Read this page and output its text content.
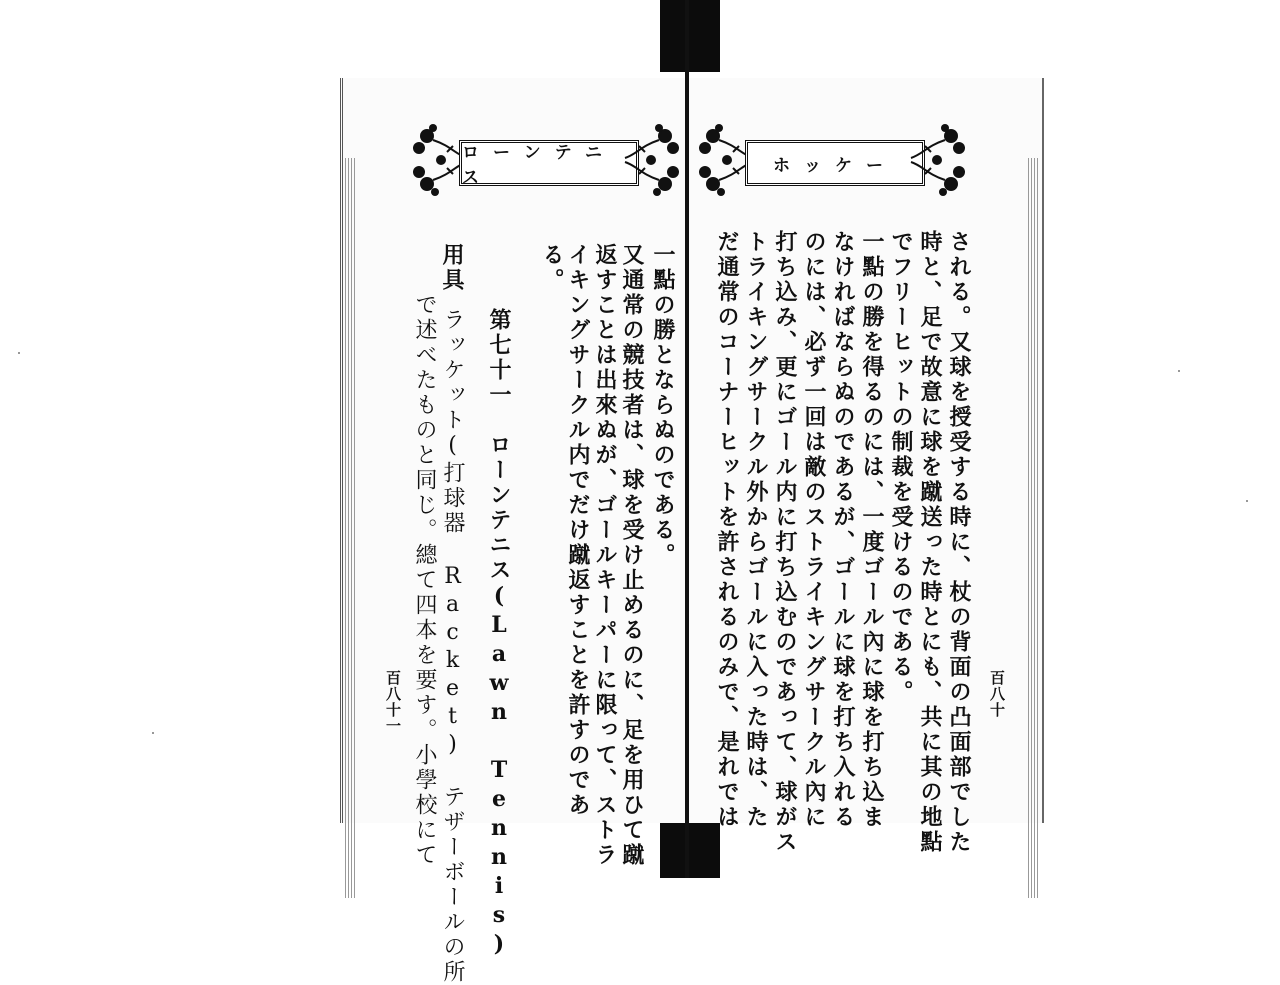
ローンテニス
る。	一點の勝とならぬのである。
又通常の競技者は、球を受け止めるのに、足を用ひて蹴
返すことは出來ぬが、ゴールキーパーに限って、ストラ
イキングサークル内でだけ蹴返すことを許すのであ
第七十一　ローンテニス(Lawn Tennis)
用具
ラッケット(打球器 Racket)　テザーボールの所
で述べたものと同じ。總て四本を要す。小學校にて
百八十一
ホッケー
される。又球を授受する時に、杖の背面の凸面部でした
時と、足で故意に球を蹴送った時とにも、共に其の地點
でフリーヒットの制裁を受けるのである。
一點の勝を得るのには、一度ゴール內に球を打ち込ま
なければならぬのであるが、ゴールに球を打ち入れる
のには、必ず一回は敵のストライキングサークル內に
打ち込み、更にゴール内に打ち込むのであって、球がス
トライキングサークル外からゴールに入った時は、た
だ通常のコーナーヒットを許されるのみで、是れでは	百八十
